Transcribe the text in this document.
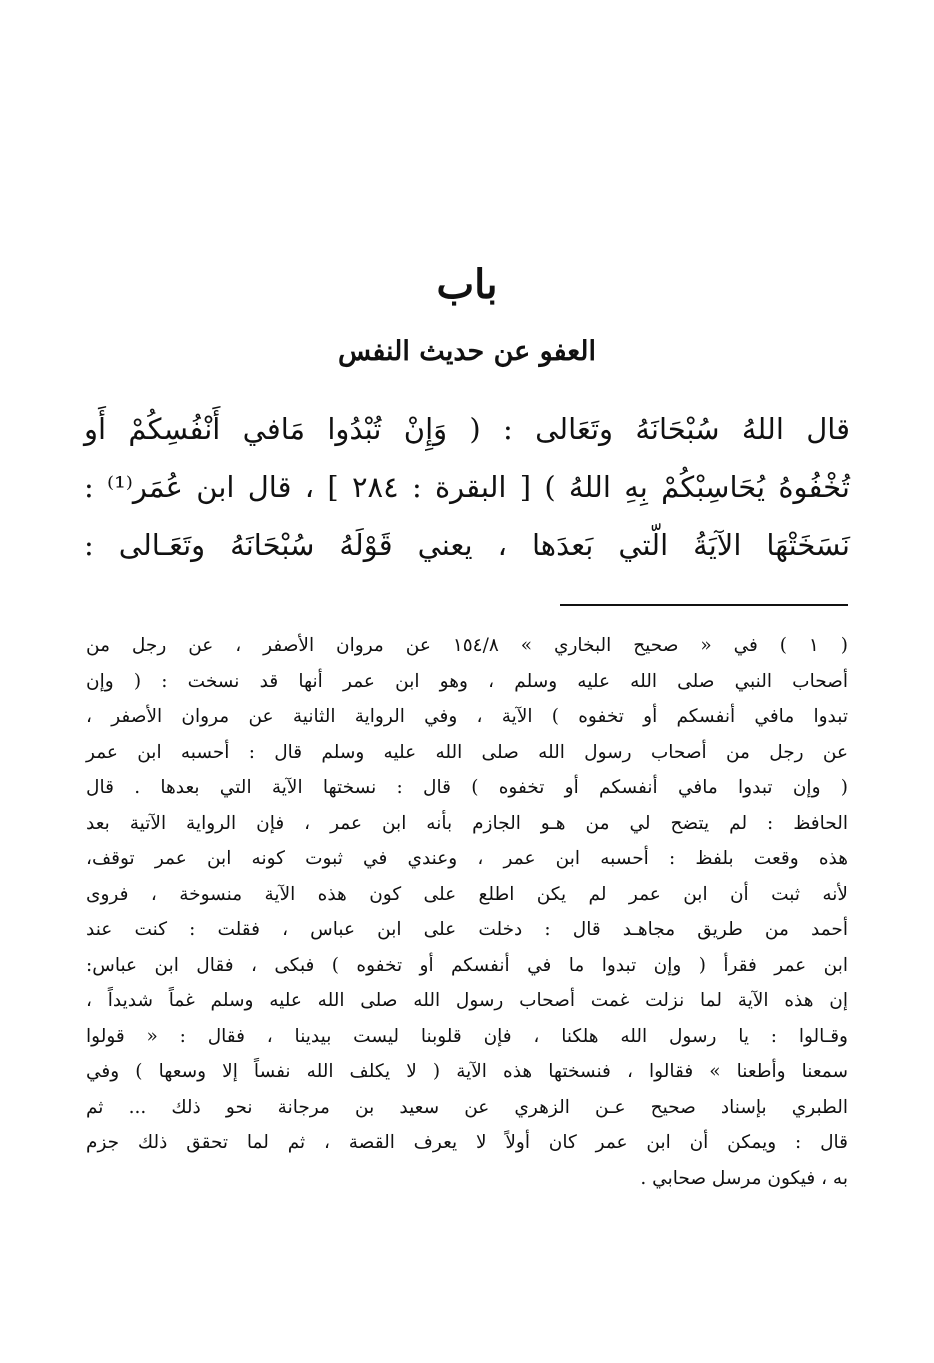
باب
العفو عن حديث النفس
قال اللهُ سُبْحَانَهُ وتَعَالى : ( وَإِنْ تُبْدُوا مَافي أَنْفُسِكُمْ أَو
تُخْفُوهُ يُحَاسِبْكُمْ بِهِ اللهُ ) [ البقرة : ٢٨٤ ] ، قال ابن عُمَر⁽¹⁾ :
نَسَخَتْهَا الآيَةُ الّتي بَعدَها ، يعني قَوْلَهُ سُبْحَانَهُ وتَعَـالى :
( ١ ) في « صحيح البخاري » ١٥٤/٨ عن مروان الأصفر ، عن رجل من
أصحاب النبي صلى الله عليه وسلم ، وهو ابن عمر أنها قد نسخت : ( وإن
تبدوا مافي أنفسكم أو تخفوه ) الآية ، وفي الرواية الثانية عن مروان الأصفر ،
عن رجل من أصحاب رسول الله صلى الله عليه وسلم قال : أحسبه ابن عمر
( وإن تبدوا مافي أنفسكم أو تخفوه ) قال : نسختها الآية التي بعدها . قال
الحافظ : لم يتضح لي من هـو الجازم بأنه ابن عمر ، فإن الرواية الآتية بعد
هذه وقعت بلفظ : أحسبه ابن عمر ، وعندي في ثبوت كونه ابن عمر توقف،
لأنه ثبت أن ابن عمر لم يكن اطلع على كون هذه الآية منسوخة ، فروى
أحمد من طريق مجاهـد قال : دخلت على ابن عباس ، فقلت : كنت عند
ابن عمر فقرأ ( وإن تبدوا ما في أنفسكم أو تخفوه ) فبكى ، فقال ابن عباس:
إن هذه الآية لما نزلت غمت أصحاب رسول الله صلى الله عليه وسلم غماً شديداً ،
وقـالوا : يا رسول الله هلكنا ، فإن قلوبنا ليست بيدينا ، فقال : « قولوا
سمعنا وأطعنا » فقالوا ، فنسختها هذه الآية ( لا يكلف الله نفساً إلا وسعها ) وفي
الطبري بإسناد صحيح عـن الزهري عن سعيد بن مرجانة نحو ذلك ... ثم
قال : ويمكن أن ابن عمر كان أولاً لا يعرف القصة ، ثم لما تحقق ذلك جزم
به ، فيكون مرسل صحابي .
